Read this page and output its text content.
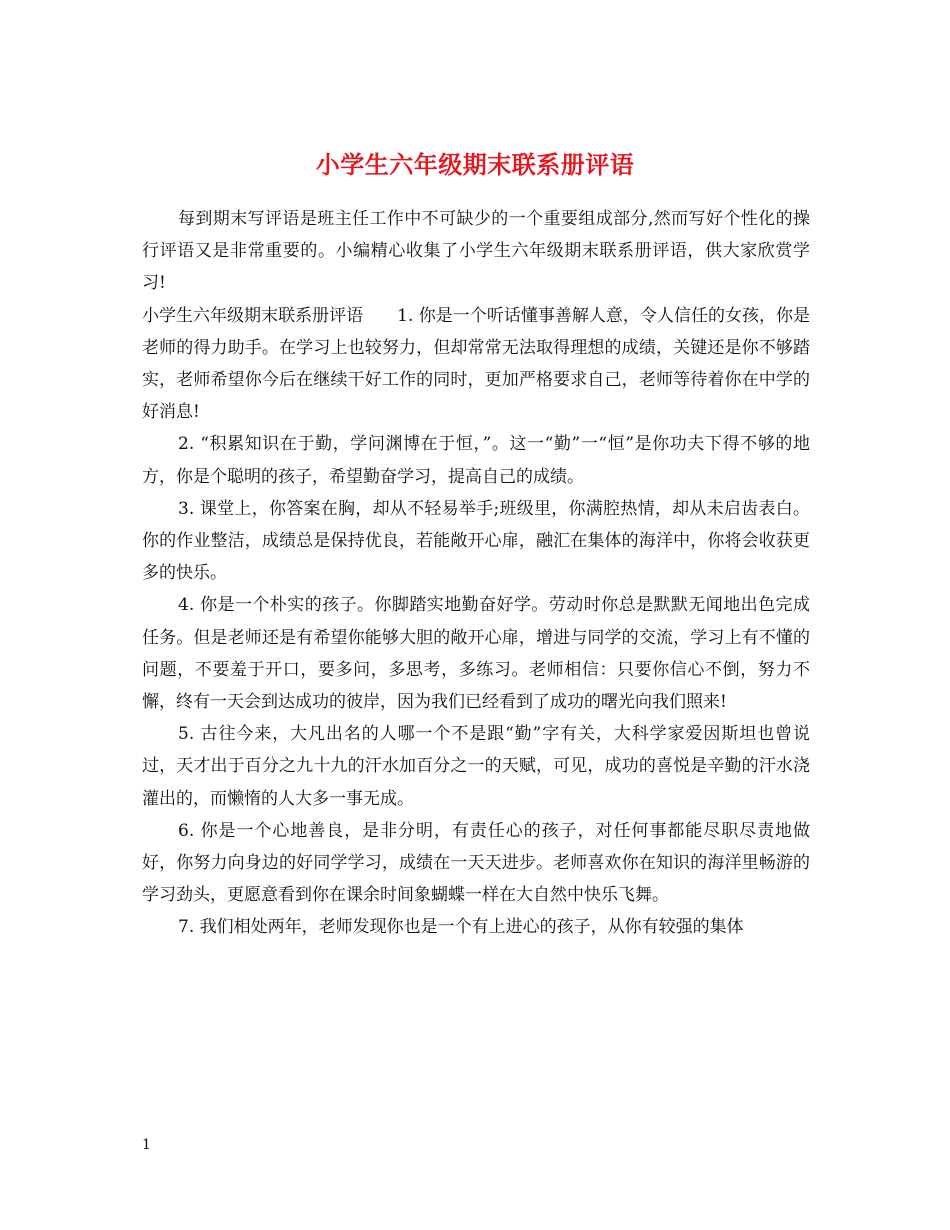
小学生六年级期末联系册评语

每到期末写评语是班主任工作中不可缺少的一个重要组成部分,然而写好个性化的操行评语又是非常重要的。小编精心收集了小学生六年级期末联系册评语，供大家欣赏学习!

小学生六年级期末联系册评语　　1. 你是一个听话懂事善解人意，令人信任的女孩，你是老师的得力助手。在学习上也较努力，但却常常无法取得理想的成绩，关键还是你不够踏实，老师希望你今后在继续干好工作的同时，更加严格要求自己，老师等待着你在中学的好消息!

2. “积累知识在于勤，学问渊博在于恒，”。这一“勤”一“恒”是你功夫下得不够的地方，你是个聪明的孩子，希望勤奋学习，提高自己的成绩。

3. 课堂上，你答案在胸，却从不轻易举手;班级里，你满腔热情，却从未启齿表白。你的作业整洁，成绩总是保持优良，若能敞开心扉，融汇在集体的海洋中，你将会收获更多的快乐。

4. 你是一个朴实的孩子。你脚踏实地勤奋好学。劳动时你总是默默无闻地出色完成任务。但是老师还是有希望你能够大胆的敞开心扉，增进与同学的交流，学习上有不懂的问题，不要羞于开口，要多问，多思考，多练习。老师相信：只要你信心不倒，努力不懈，终有一天会到达成功的彼岸，因为我们已经看到了成功的曙光向我们照来!

5. 古往今来，大凡出名的人哪一个不是跟“勤”字有关，大科学家爱因斯坦也曾说过，天才出于百分之九十九的汗水加百分之一的天赋，可见，成功的喜悦是辛勤的汗水浇灌出的，而懒惰的人大多一事无成。

6. 你是一个心地善良，是非分明，有责任心的孩子，对任何事都能尽职尽责地做好，你努力向身边的好同学学习，成绩在一天天进步。老师喜欢你在知识的海洋里畅游的学习劲头，更愿意看到你在课余时间象蝴蝶一样在大自然中快乐飞舞。

7. 我们相处两年，老师发现你也是一个有上进心的孩子，从你有较强的集体

1
